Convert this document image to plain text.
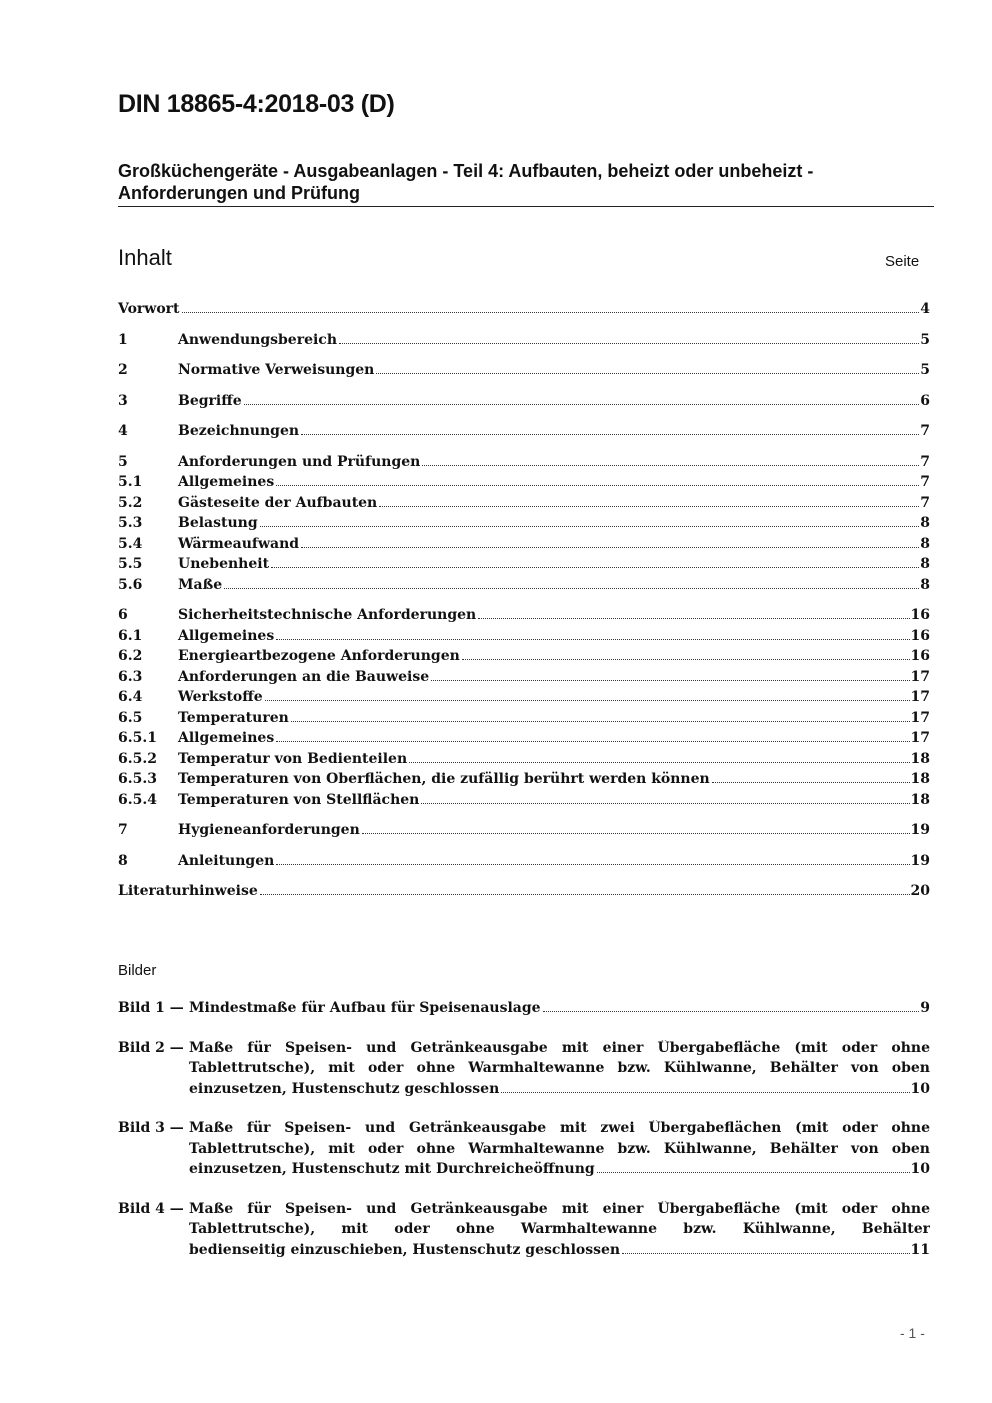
DIN 18865-4:2018-03 (D)
Großküchengeräte - Ausgabeanlagen - Teil 4: Aufbauten, beheizt oder unbeheizt - Anforderungen und Prüfung
Inhalt	Seite
Vorwort	4
1	Anwendungsbereich	5
2	Normative Verweisungen	5
3	Begriffe	6
4	Bezeichnungen	7
5	Anforderungen und Prüfungen	7
5.1	Allgemeines	7
5.2	Gästeseite der Aufbauten	7
5.3	Belastung	8
5.4	Wärmeaufwand	8
5.5	Unebenheit	8
5.6	Maße	8
6	Sicherheitstechnische Anforderungen	16
6.1	Allgemeines	16
6.2	Energieartbezogene Anforderungen	16
6.3	Anforderungen an die Bauweise	17
6.4	Werkstoffe	17
6.5	Temperaturen	17
6.5.1	Allgemeines	17
6.5.2	Temperatur von Bedienteilen	18
6.5.3	Temperaturen von Oberflächen, die zufällig berührt werden können	18
6.5.4	Temperaturen von Stellflächen	18
7	Hygieneanforderungen	19
8	Anleitungen	19
Literaturhinweise	20
Bilder
Bild 1 — Mindestmaße für Aufbau für Speisenauslage	9
Bild 2 — Maße für Speisen- und Getränkeausgabe mit einer Übergabefläche (mit oder ohne
Tablettrutsche), mit oder ohne Warmhaltewanne bzw. Kühlwanne, Behälter von oben
einzusetzen, Hustenschutz geschlossen	10
Bild 3 — Maße für Speisen- und Getränkeausgabe mit zwei Übergabeflächen (mit oder ohne
Tablettrutsche), mit oder ohne Warmhaltewanne bzw. Kühlwanne, Behälter von oben
einzusetzen, Hustenschutz mit Durchreicheöffnung	10
Bild 4 — Maße für Speisen- und Getränkeausgabe mit einer Übergabefläche (mit oder ohne
Tablettrutsche), mit oder ohne Warmhaltewanne bzw. Kühlwanne, Behälter
bedienseitig einzuschieben, Hustenschutz geschlossen	11
- 1 -
